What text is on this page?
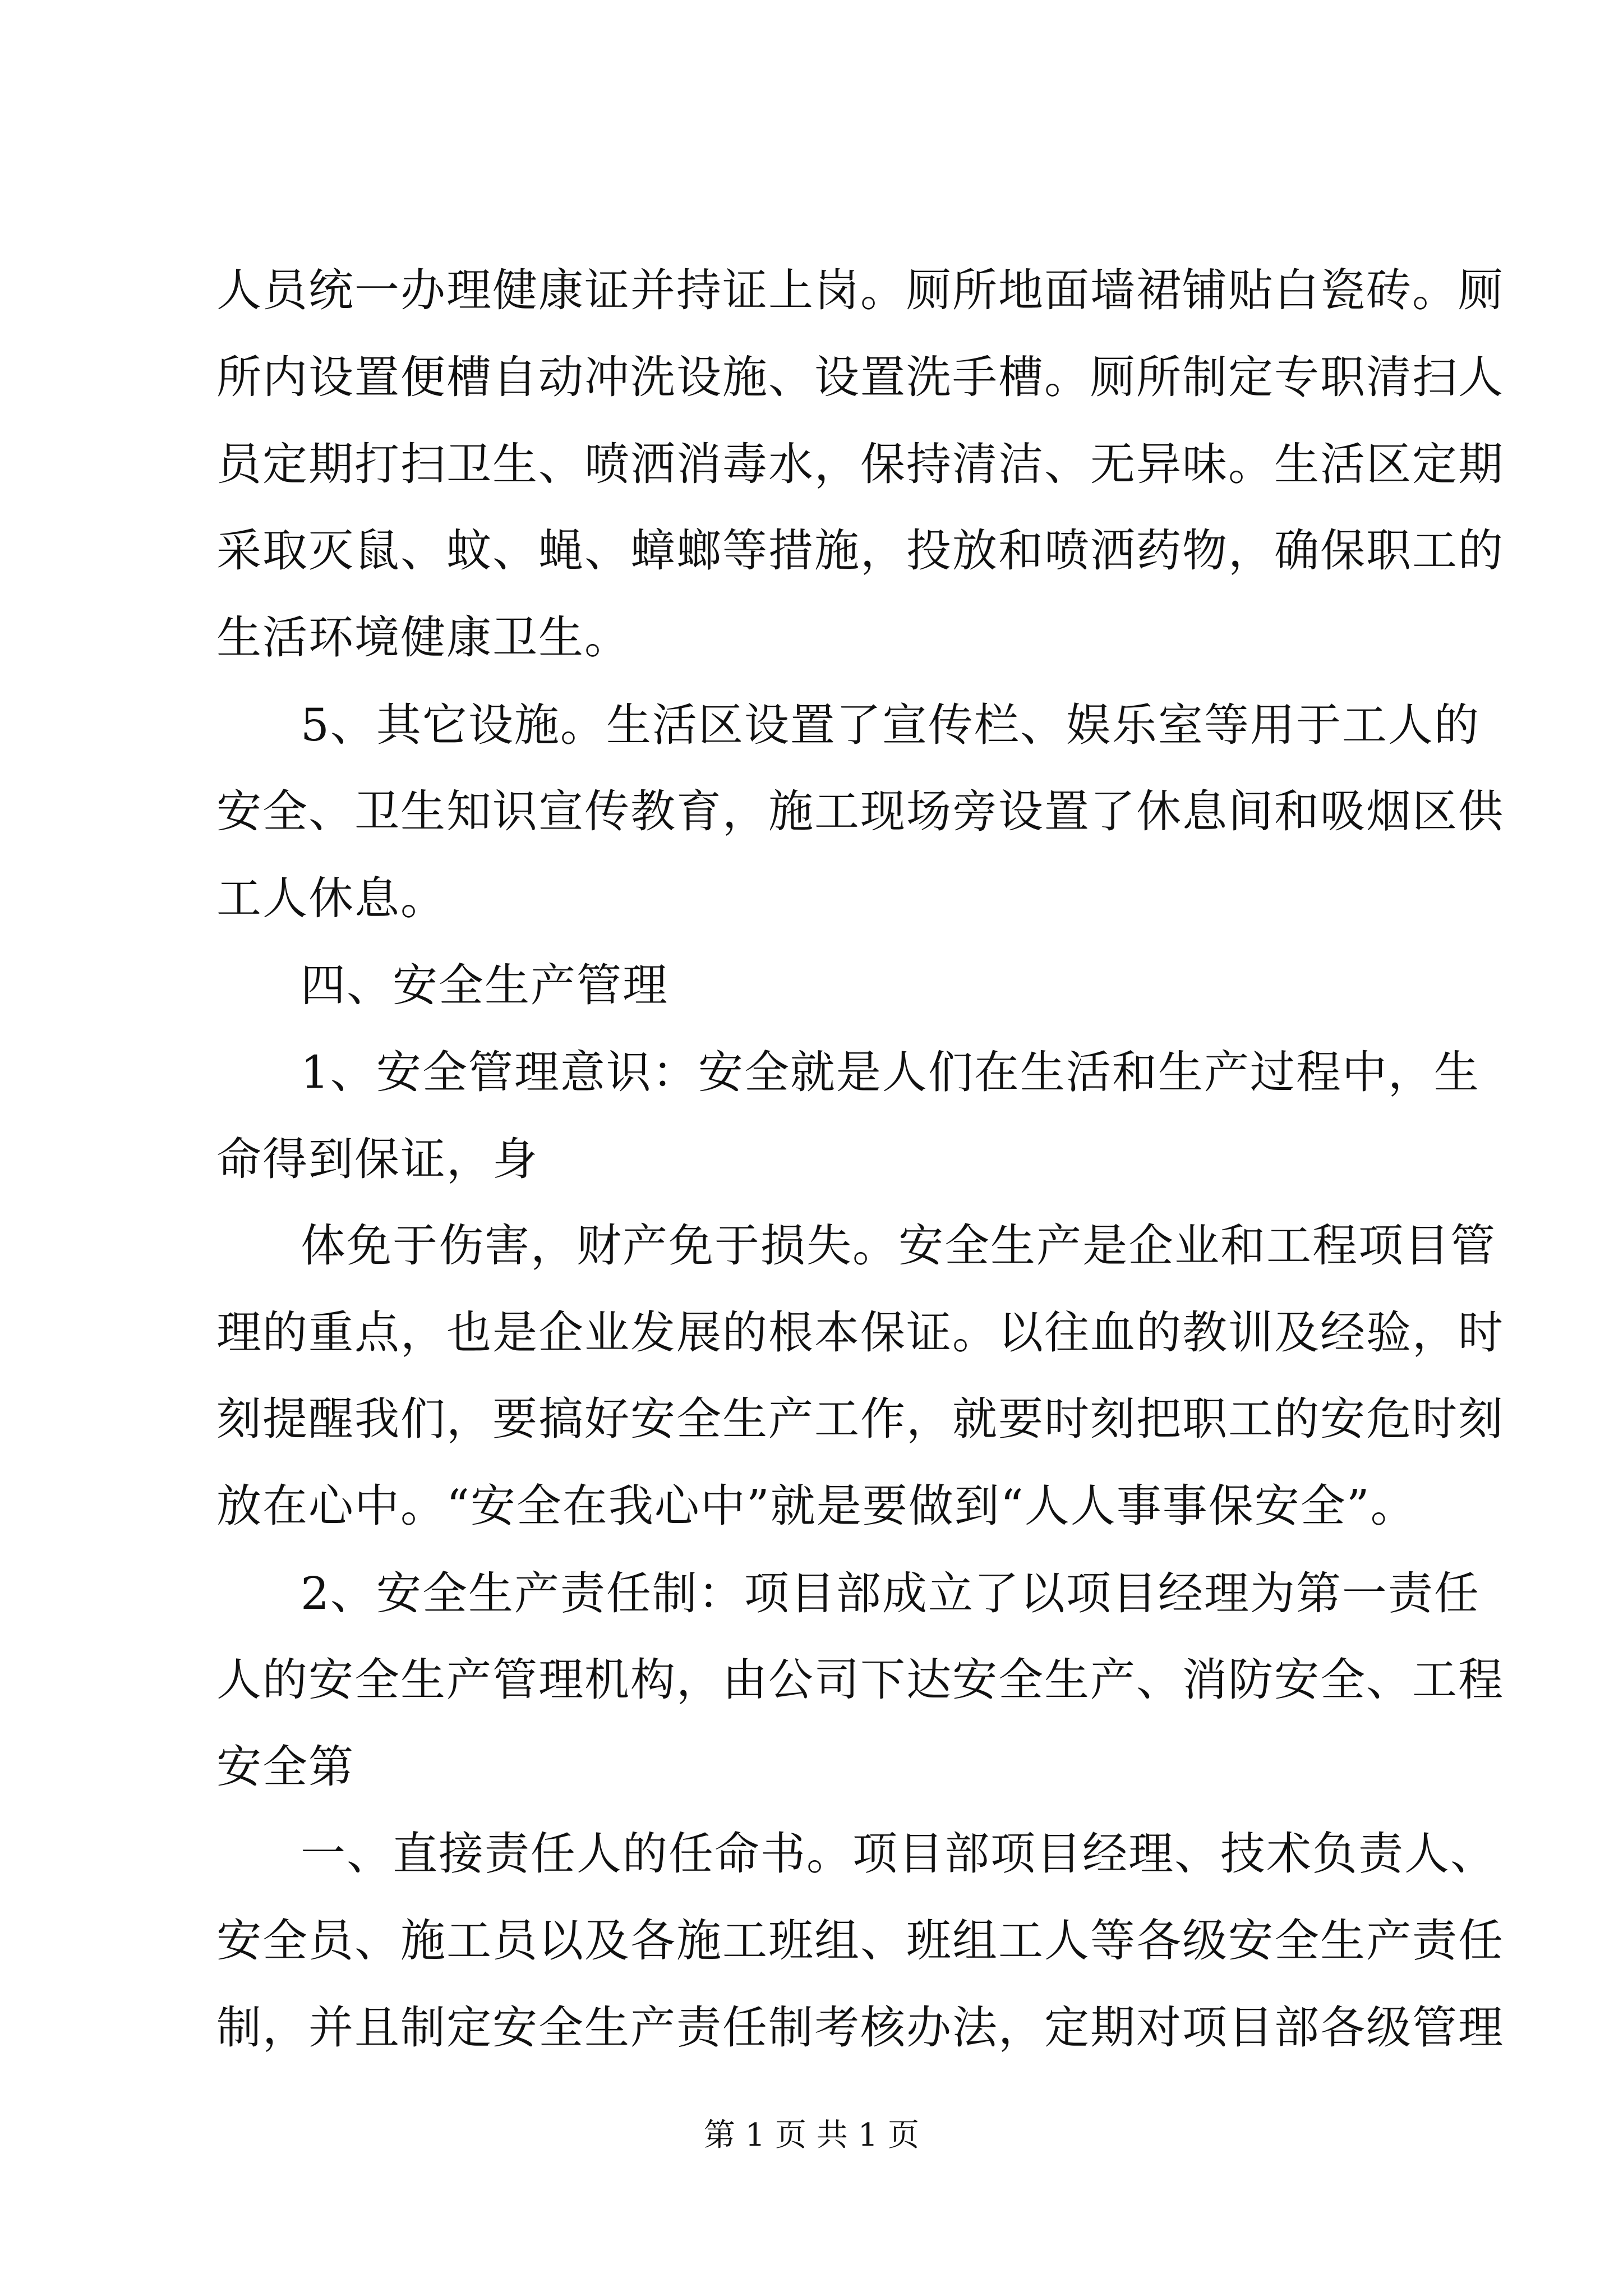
人员统一办理健康证并持证上岗。厕所地面墙裙铺贴白瓷砖。厕
所内设置便槽自动冲洗设施、设置洗手槽。厕所制定专职清扫人
员定期打扫卫生、喷洒消毒水，保持清洁、无异味。生活区定期
采取灭鼠、蚊、蝇、蟑螂等措施，投放和喷洒药物，确保职工的
生活环境健康卫生。
5、其它设施。生活区设置了宣传栏、娱乐室等用于工人的
安全、卫生知识宣传教育，施工现场旁设置了休息间和吸烟区供
工人休息。
四、安全生产管理
1、安全管理意识：安全就是人们在生活和生产过程中，生
命得到保证，身
体免于伤害，财产免于损失。安全生产是企业和工程项目管
理的重点，也是企业发展的根本保证。以往血的教训及经验，时
刻提醒我们，要搞好安全生产工作，就要时刻把职工的安危时刻
放在心中。“安全在我心中”就是要做到“人人事事保安全”。
2、安全生产责任制：项目部成立了以项目经理为第一责任
人的安全生产管理机构，由公司下达安全生产、消防安全、工程
安全第
一、直接责任人的任命书。项目部项目经理、技术负责人、
安全员、施工员以及各施工班组、班组工人等各级安全生产责任
制，并且制定安全生产责任制考核办法，定期对项目部各级管理
第 1 页 共 1 页
